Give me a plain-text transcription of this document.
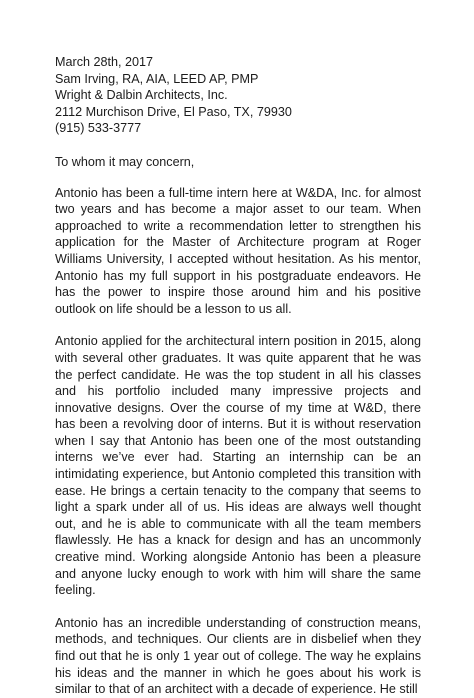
March 28th, 2017
Sam Irving, RA, AIA, LEED AP, PMP
Wright & Dalbin Architects, Inc.
2112 Murchison Drive, El Paso, TX, 79930
(915) 533-3777
To whom it may concern,

Antonio has been a full-time intern here at W&DA, Inc. for almost two years and has become a major asset to our team. When approached to write a recommendation letter to strengthen his application for the Master of Architecture program at Roger Williams University, I accepted without hesitation. As his mentor, Antonio has my full support in his postgraduate endeavors. He has the power to inspire those around him and his positive outlook on life should be a lesson to us all.

Antonio applied for the architectural intern position in 2015, along with several other graduates. It was quite apparent that he was the perfect candidate. He was the top student in all his classes and his portfolio included many impressive projects and innovative designs. Over the course of my time at W&D, there has been a revolving door of interns. But it is without reservation when I say that Antonio has been one of the most outstanding interns we’ve ever had. Starting an internship can be an intimidating experience, but Antonio completed this transition with ease. He brings a certain tenacity to the company that seems to light a spark under all of us. His ideas are always well thought out, and he is able to communicate with all the team members flawlessly. He has a knack for design and has an uncommonly creative mind. Working alongside Antonio has been a pleasure and anyone lucky enough to work with him will share the same feeling.

Antonio has an incredible understanding of construction means, methods, and techniques. Our clients are in disbelief when they find out that he is only 1 year out of college. The way he explains his ideas and the manner in which he goes about his work is similar to that of an architect with a decade of experience. He still
